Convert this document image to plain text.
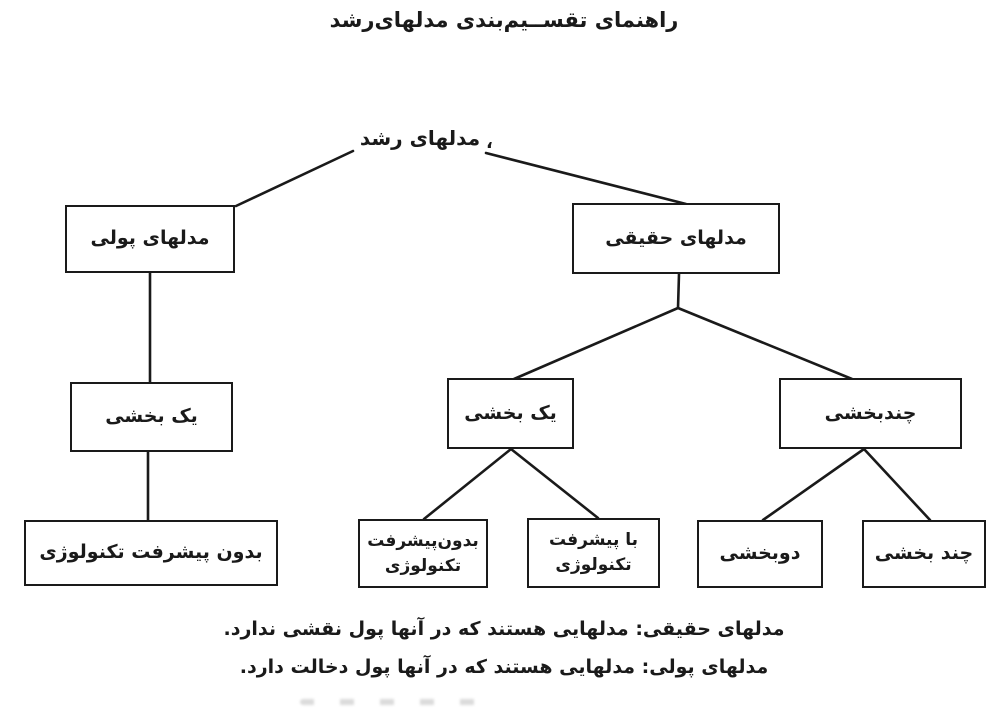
راهنمای تقســیم‌بندی مدلهای‌رشد
مدلهای رشد ،
مدلهای پولی	مدلهای حقیقی
یک بخشی	یک بخشی	چندبخشی
بدون پیشرفت تکنولوژی
بدون‌پیشرفت
تکنولوژی
با پیشرفت
تکنولوژی
دوبخشی	چند بخشی
مدلهای حقیقی: مدلهایی هستند که در آنها پول نقشی ندارد.
مدلهای پولی: مدلهایی هستند که در آنها پول دخالت دارد.
